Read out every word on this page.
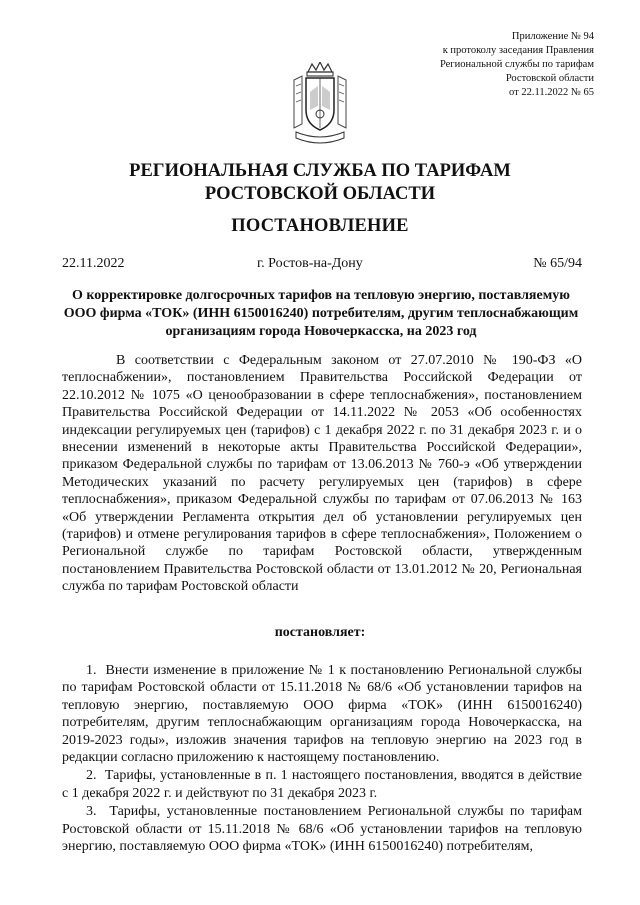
Приложение № 94
к протоколу заседания Правления
Региональной службы по тарифам
Ростовской области
от 22.11.2022 № 65
РЕГИОНАЛЬНАЯ СЛУЖБА ПО ТАРИФАМ
РОСТОВСКОЙ ОБЛАСТИ
ПОСТАНОВЛЕНИЕ
22.11.2022	г. Ростов-на-Дону	№ 65/94
О корректировке долгосрочных тарифов на тепловую энергию, поставляемую ООО фирма «ТОК» (ИНН 6150016240) потребителям, другим теплоснабжающим организациям города Новочеркасска, на 2023 год

В соответствии с Федеральным законом от 27.07.2010 № 190-ФЗ «О теплоснабжении», постановлением Правительства Российской Федерации от 22.10.2012 № 1075 «О ценообразовании в сфере теплоснабжения», постановлением Правительства Российской Федерации от 14.11.2022 № 2053 «Об особенностях индексации регулируемых цен (тарифов) с 1 декабря 2022 г. по 31 декабря 2023 г. и о внесении изменений в некоторые акты Правительства Российской Федерации», приказом Федеральной службы по тарифам от 13.06.2013 № 760-э «Об утверждении Методических указаний по расчету регулируемых цен (тарифов) в сфере теплоснабжения», приказом Федеральной службы по тарифам от 07.06.2013 № 163 «Об утверждении Регламента открытия дел об установлении регулируемых цен (тарифов) и отмене регулирования тарифов в сфере теплоснабжения», Положением о Региональной службе по тарифам Ростовской области, утвержденным постановлением Правительства Ростовской области от 13.01.2012 № 20, Региональная служба по тарифам Ростовской области

постановляет:

1.  Внести изменение в приложение № 1 к постановлению Региональной службы по тарифам Ростовской области от 15.11.2018 № 68/6 «Об установлении тарифов на тепловую энергию, поставляемую ООО фирма «ТОК» (ИНН 6150016240) потребителям, другим теплоснабжающим организациям города Новочеркасска, на 2019-2023 годы», изложив значения тарифов на тепловую энергию на 2023 год в редакции согласно приложению к настоящему постановлению.

2.  Тарифы, установленные в п. 1 настоящего постановления, вводятся в действие с 1 декабря 2022 г. и действуют по 31 декабря 2023 г.

3.  Тарифы, установленные постановлением Региональной службы по тарифам Ростовской области от 15.11.2018 № 68/6 «Об установлении тарифов на тепловую энергию, поставляемую ООО фирма «ТОК» (ИНН 6150016240) потребителям,
